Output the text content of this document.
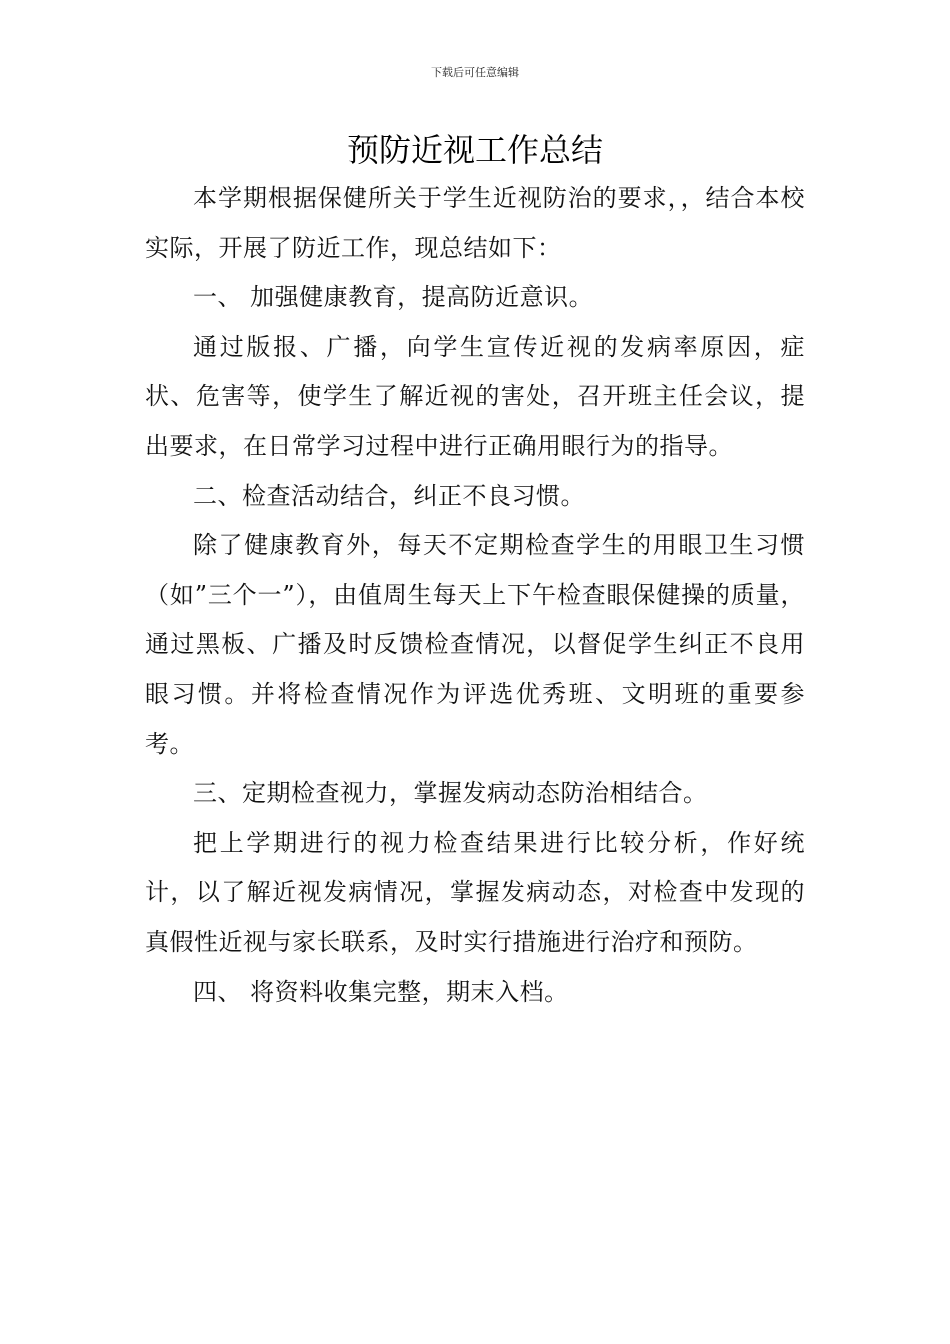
下载后可任意编辑
预防近视工作总结

本学期根据保健所关于学生近视防治的要求，，结合本校实际，开展了防近工作，现总结如下：

一、 加强健康教育，提高防近意识。

通过版报、广播，向学生宣传近视的发病率原因，症状、危害等，使学生了解近视的害处，召开班主任会议，提出要求，在日常学习过程中进行正确用眼行为的指导。

二、检查活动结合，纠正不良习惯。

除了健康教育外，每天不定期检查学生的用眼卫生习惯（如”三个一”），由值周生每天上下午检查眼保健操的质量，通过黑板、广播及时反馈检查情况，以督促学生纠正不良用眼习惯。并将检查情况作为评选优秀班、文明班的重要参考。

三、定期检查视力，掌握发病动态防治相结合。

把上学期进行的视力检查结果进行比较分析，作好统计，以了解近视发病情况，掌握发病动态，对检查中发现的真假性近视与家长联系，及时实行措施进行治疗和预防。

四、 将资料收集完整，期末入档。
